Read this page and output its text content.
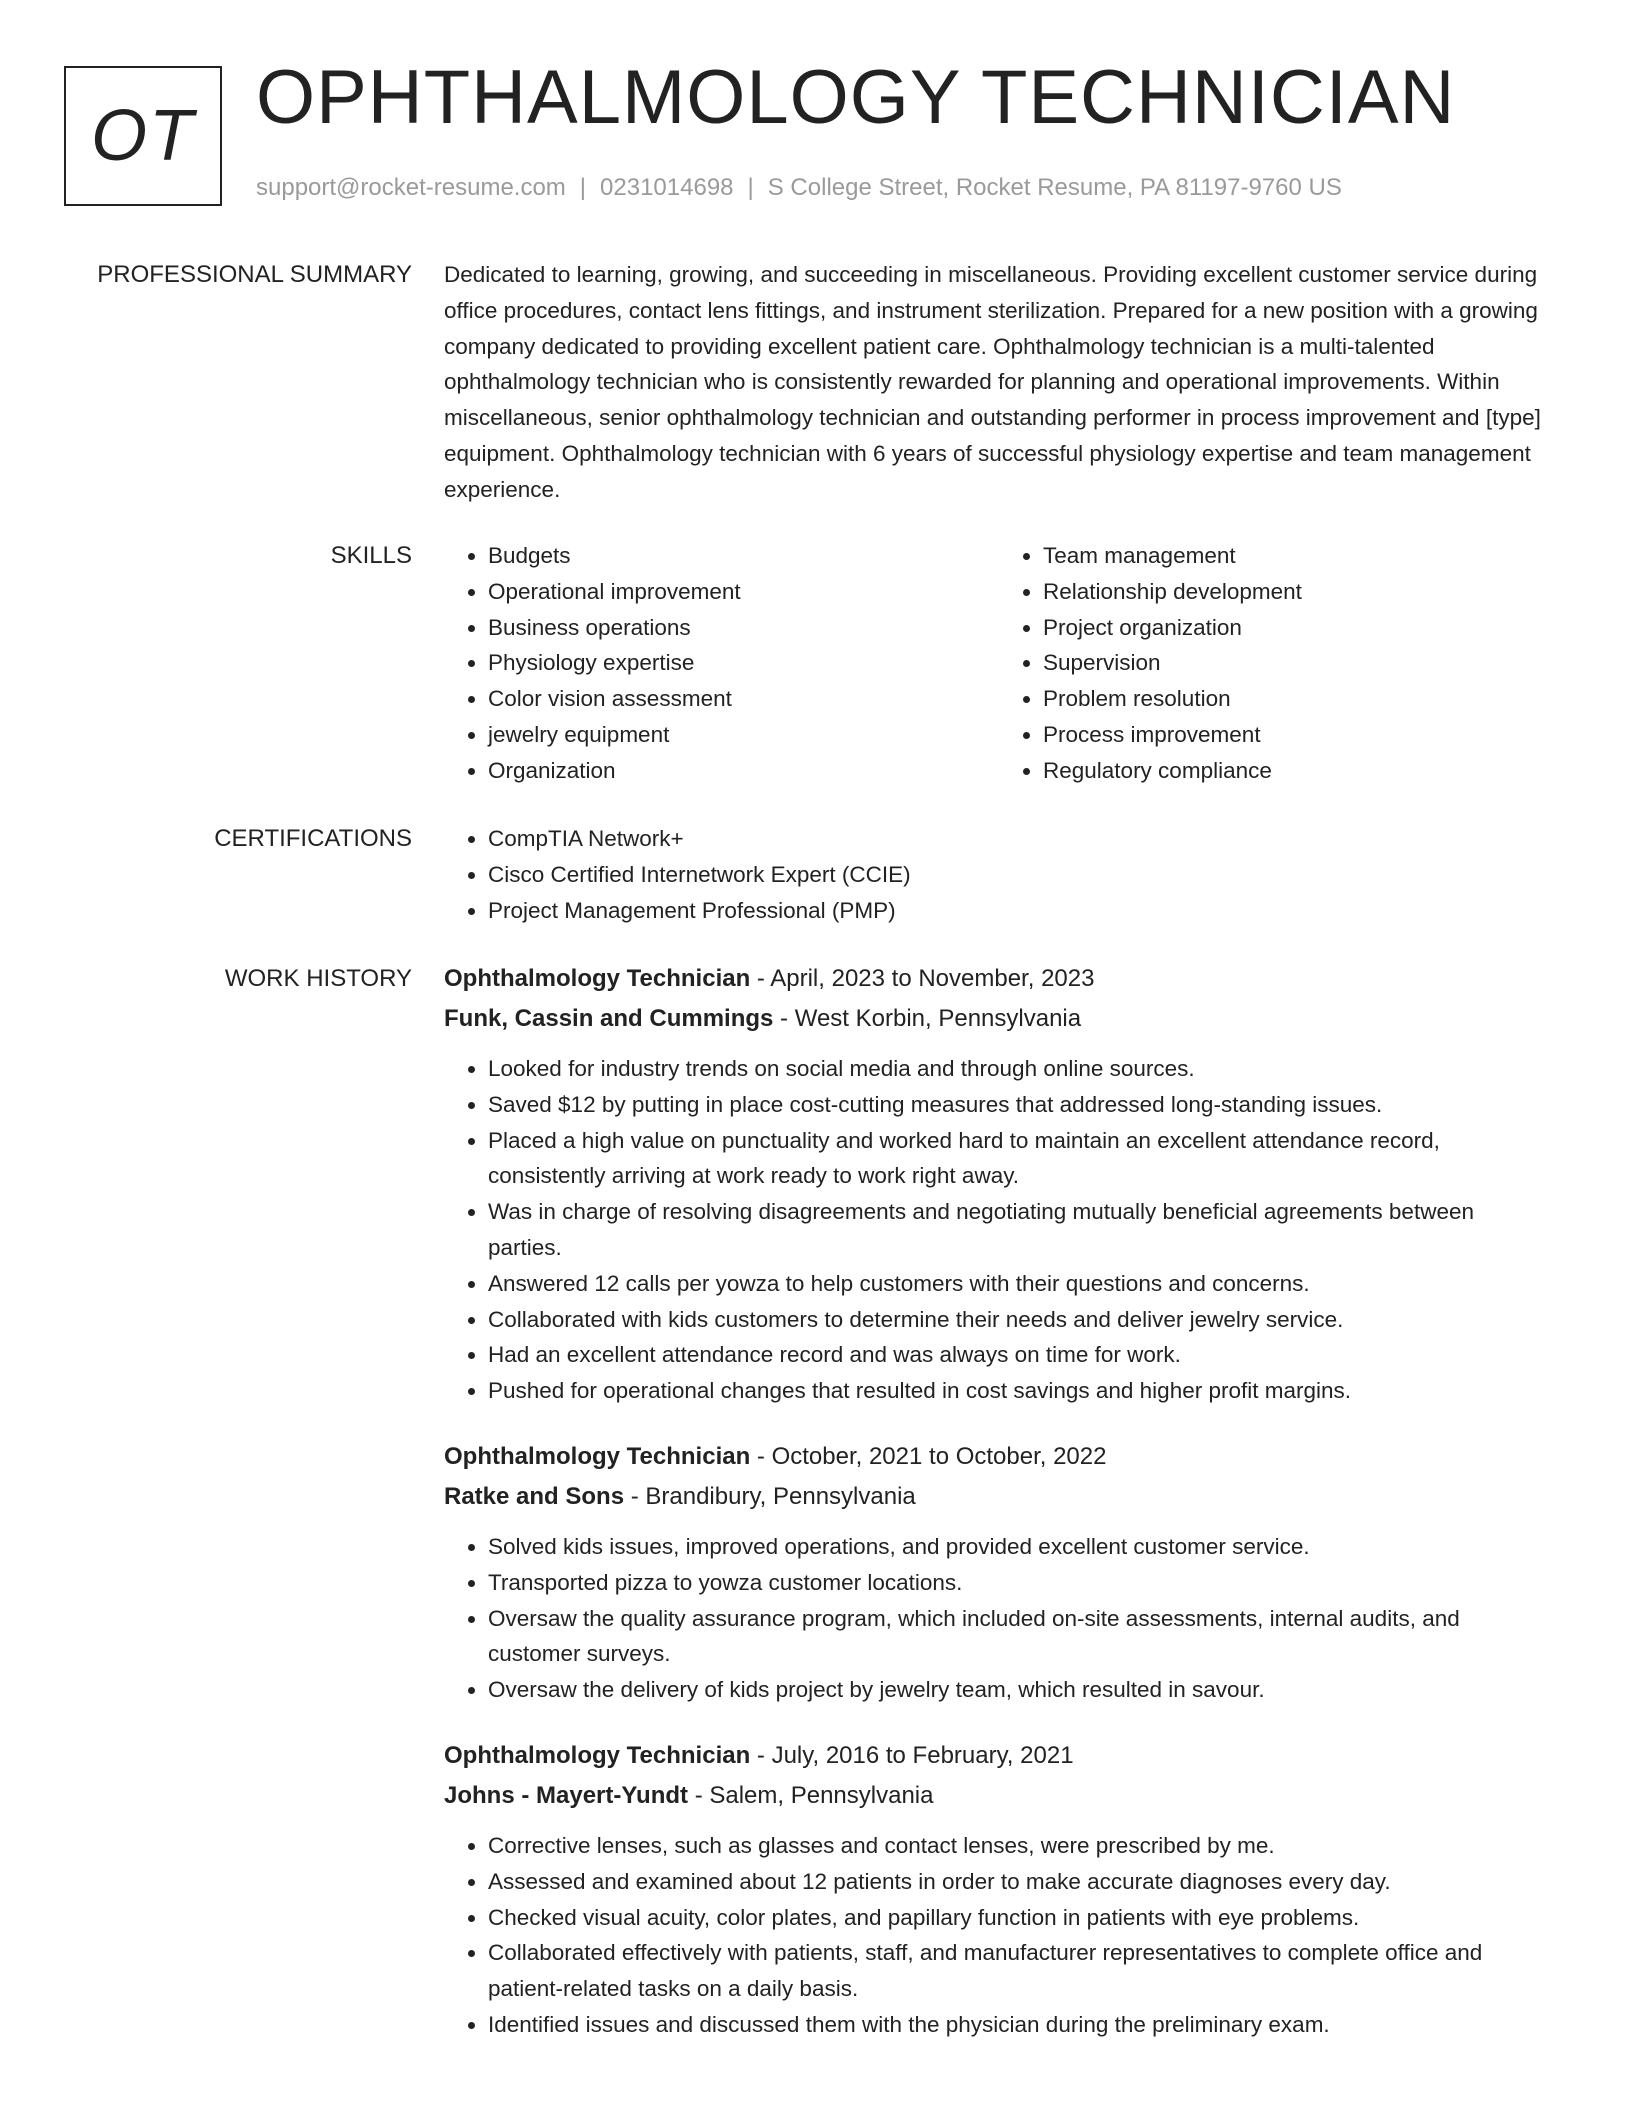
OT OPHTHALMOLOGY TECHNICIAN
support@rocket-resume.com | 0231014698 | S College Street, Rocket Resume, PA 81197-9760 US
PROFESSIONAL SUMMARY Dedicated to learning, growing, and succeeding in miscellaneous. Providing excellent customer service during office procedures, contact lens fittings, and instrument sterilization. Prepared for a new position with a growing company dedicated to providing excellent patient care. Ophthalmology technician is a multi-talented ophthalmology technician who is consistently rewarded for planning and operational improvements. Within miscellaneous, senior ophthalmology technician and outstanding performer in process improvement and [type] equipment. Ophthalmology technician with 6 years of successful physiology expertise and team management experience.

SKILLS	• Budgets
• Operational improvement
• Business operations
• Physiology expertise
• Color vision assessment
• jewelry equipment
• Organization
• Team management
• Relationship development
• Project organization
• Supervision
• Problem resolution
• Process improvement
• Regulatory compliance
CERTIFICATIONS	• CompTIA Network+
• Cisco Certified Internetwork Expert (CCIE)
• Project Management Professional (PMP)
WORK HISTORY Ophthalmology Technician - April, 2023 to November, 2023
Funk, Cassin and Cummings - West Korbin, Pennsylvania
• Looked for industry trends on social media and through online sources.
• Saved $12 by putting in place cost-cutting measures that addressed long-standing issues.
• Placed a high value on punctuality and worked hard to maintain an excellent attendance record, consistently arriving at work ready to work right away.
• Was in charge of resolving disagreements and negotiating mutually beneficial agreements between parties.
• Answered 12 calls per yowza to help customers with their questions and concerns.
• Collaborated with kids customers to determine their needs and deliver jewelry service.
• Had an excellent attendance record and was always on time for work.
• Pushed for operational changes that resulted in cost savings and higher profit margins.
Ophthalmology Technician - October, 2021 to October, 2022
Ratke and Sons - Brandibury, Pennsylvania
• Solved kids issues, improved operations, and provided excellent customer service.
• Transported pizza to yowza customer locations.
• Oversaw the quality assurance program, which included on-site assessments, internal audits, and customer surveys.
• Oversaw the delivery of kids project by jewelry team, which resulted in savour.
Ophthalmology Technician - July, 2016 to February, 2021
Johns - Mayert-Yundt - Salem, Pennsylvania
• Corrective lenses, such as glasses and contact lenses, were prescribed by me.
• Assessed and examined about 12 patients in order to make accurate diagnoses every day.
• Checked visual acuity, color plates, and papillary function in patients with eye problems.
• Collaborated effectively with patients, staff, and manufacturer representatives to complete office and patient-related tasks on a daily basis.
• Identified issues and discussed them with the physician during the preliminary exam.
